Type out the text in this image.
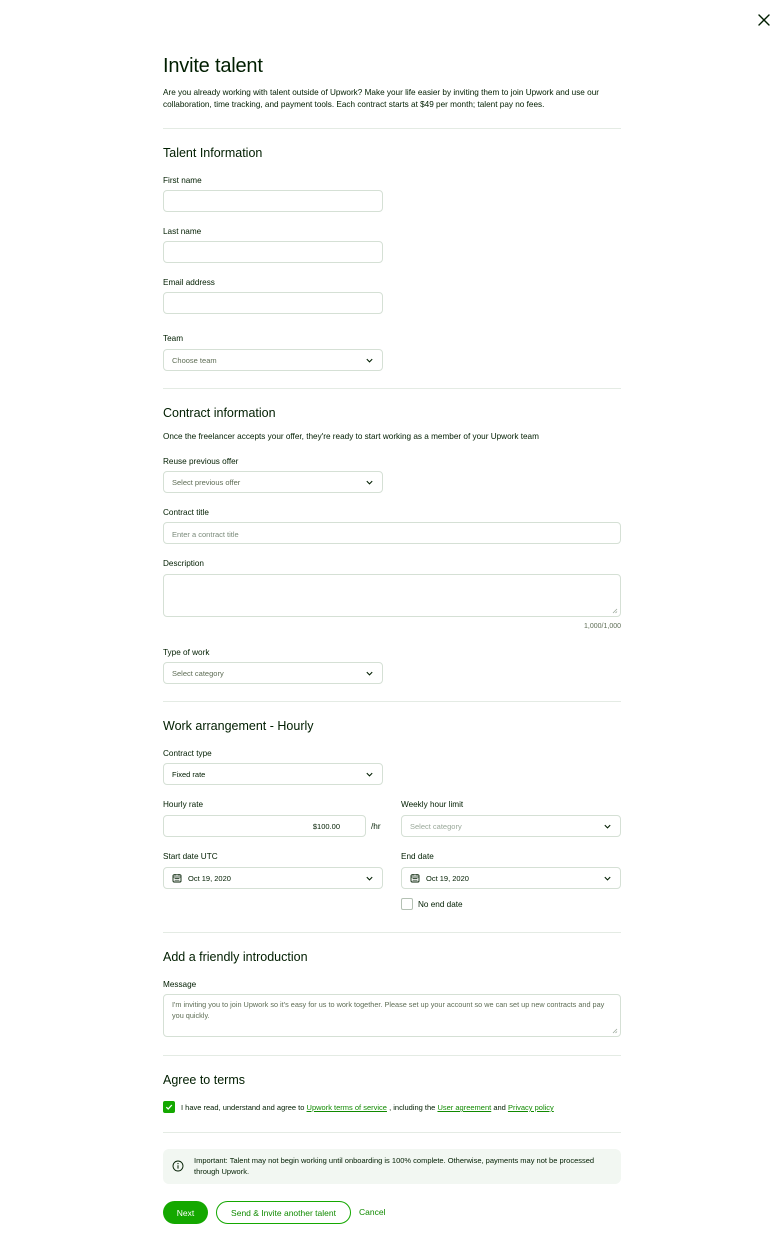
Invite talent
Are you already working with talent outside of Upwork? Make your life easier by inviting them to join Upwork and use our collaboration, time tracking, and payment tools. Each contract starts at $49 per month; talent pay no fees.
Talent Information
First name
Last name
Email address
Team
Choose team
Contract information
Once the freelancer accepts your offer, they're ready to start working as a member of your Upwork team
Reuse previous offer
Select previous offer
Contract title
Enter a contract title
Description
1,000/1,000
Type of work
Select category
Work arrangement - Hourly
Contract type
Fixed rate
Hourly rate
$100.00	/hr
Weekly hour limit
Select category
Start date UTC
Oct 19, 2020
End date
Oct 19, 2020
No end date
Add a friendly introduction
Message
I'm inviting you to join Upwork so it's easy for us to work together. Please set up your account so we can set up new contracts and pay you quickly.
Agree to terms
I have read, understand and agree to Upwork terms of service , including the User agreement and Privacy policy
Important: Talent may not begin working until onboarding is 100% complete. Otherwise, payments may not be processed through Upwork.
Next	Send & Invite another talent	Cancel
